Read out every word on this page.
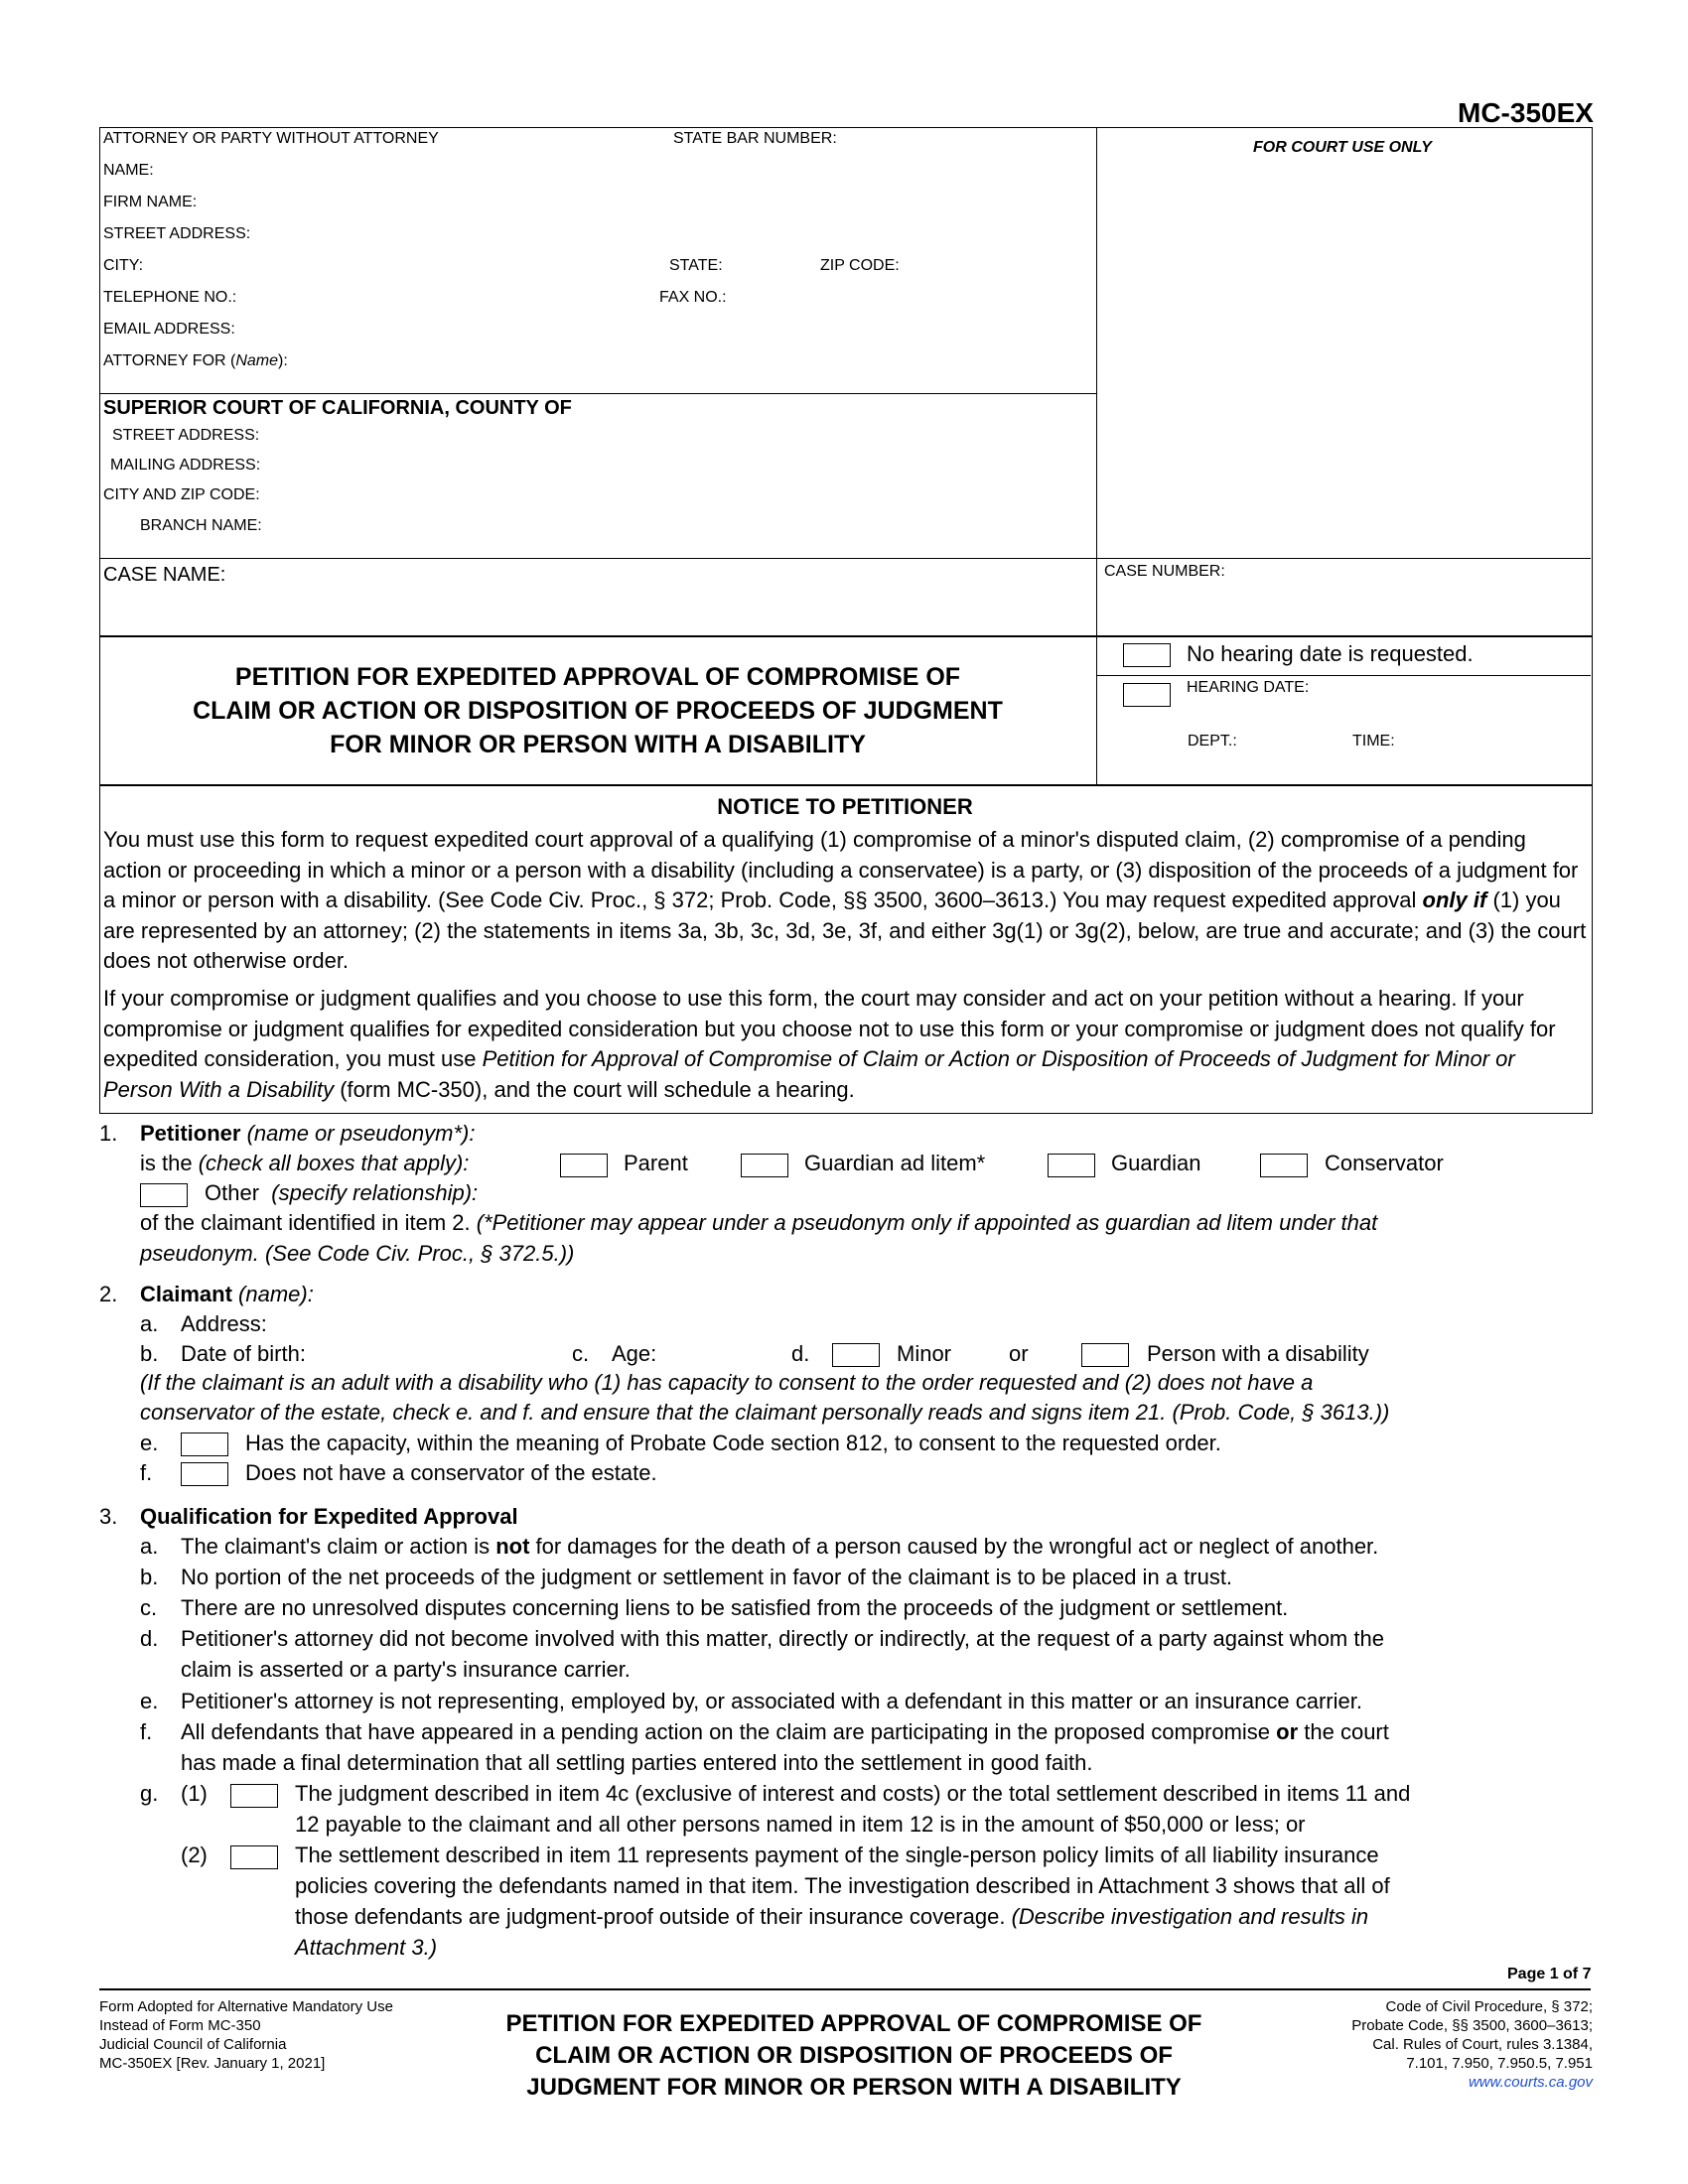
MC-350EX
ATTORNEY OR PARTY WITHOUT ATTORNEY	STATE BAR NUMBER:
FOR COURT USE ONLY
NAME:
FIRM NAME:
STREET ADDRESS:
CITY:	STATE:	ZIP CODE:
TELEPHONE NO.:	FAX NO.:
EMAIL ADDRESS:
ATTORNEY FOR (Name):
SUPERIOR COURT OF CALIFORNIA, COUNTY OF
STREET ADDRESS:
MAILING ADDRESS:
CITY AND ZIP CODE:
BRANCH NAME:
CASE NAME:	CASE NUMBER:
PETITION FOR EXPEDITED APPROVAL OF COMPROMISE OF
CLAIM OR ACTION OR DISPOSITION OF PROCEEDS OF JUDGMENT
FOR MINOR OR PERSON WITH A DISABILITY
No hearing date is requested.
HEARING DATE:
DEPT.:	TIME:
NOTICE TO PETITIONER
You must use this form to request expedited court approval of a qualifying (1) compromise of a minor's disputed claim, (2) compromise of a pending action or proceeding in which a minor or a person with a disability (including a conservatee) is a party, or (3) disposition of the proceeds of a judgment for a minor or person with a disability. (See Code Civ. Proc., § 372; Prob. Code, §§ 3500, 3600–3613.) You may request expedited approval only if (1) you are represented by an attorney; (2) the statements in items 3a, 3b, 3c, 3d, 3e, 3f, and either 3g(1) or 3g(2), below, are true and accurate; and (3) the court does not otherwise order.
If your compromise or judgment qualifies and you choose to use this form, the court may consider and act on your petition without a hearing. If your compromise or judgment qualifies for expedited consideration but you choose not to use this form or your compromise or judgment does not qualify for expedited consideration, you must use Petition for Approval of Compromise of Claim or Action or Disposition of Proceeds of Judgment for Minor or Person With a Disability (form MC-350), and the court will schedule a hearing.
1. Petitioner (name or pseudonym*):
is the (check all boxes that apply):	Parent	Guardian ad litem*	Guardian	Conservator
Other (specify relationship):
of the claimant identified in item 2. (*Petitioner may appear under a pseudonym only if appointed as guardian ad litem under that
pseudonym. (See Code Civ. Proc., § 372.5.))
2. Claimant (name):
a. Address:
b. Date of birth:	c. Age:	d.	Minor	or	Person with a disability
(If the claimant is an adult with a disability who (1) has capacity to consent to the order requested and (2) does not have a
conservator of the estate, check e. and f. and ensure that the claimant personally reads and signs item 21. (Prob. Code, § 3613.))
e.	Has the capacity, within the meaning of Probate Code section 812, to consent to the requested order.
f.	Does not have a conservator of the estate.
3. Qualification for Expedited Approval
a. The claimant's claim or action is not for damages for the death of a person caused by the wrongful act or neglect of another.
b. No portion of the net proceeds of the judgment or settlement in favor of the claimant is to be placed in a trust.
c. There are no unresolved disputes concerning liens to be satisfied from the proceeds of the judgment or settlement.
d. Petitioner's attorney did not become involved with this matter, directly or indirectly, at the request of a party against whom the
claim is asserted or a party's insurance carrier.
e. Petitioner's attorney is not representing, employed by, or associated with a defendant in this matter or an insurance carrier.
f. All defendants that have appeared in a pending action on the claim are participating in the proposed compromise or the court
has made a final determination that all settling parties entered into the settlement in good faith.
g. (1)	The judgment described in item 4c (exclusive of interest and costs) or the total settlement described in items 11 and
12 payable to the claimant and all other persons named in item 12 is in the amount of $50,000 or less; or
(2)	The settlement described in item 11 represents payment of the single-person policy limits of all liability insurance
policies covering the defendants named in that item. The investigation described in Attachment 3 shows that all of
those defendants are judgment-proof outside of their insurance coverage. (Describe investigation and results in
Attachment 3.)
Page 1 of 7
Form Adopted for Alternative Mandatory Use
Instead of Form MC-350
Judicial Council of California
MC-350EX [Rev. January 1, 2021]
PETITION FOR EXPEDITED APPROVAL OF COMPROMISE OF
CLAIM OR ACTION OR DISPOSITION OF PROCEEDS OF
JUDGMENT FOR MINOR OR PERSON WITH A DISABILITY
Code of Civil Procedure, § 372;
Probate Code, §§ 3500, 3600–3613;
Cal. Rules of Court, rules 3.1384,
7.101, 7.950, 7.950.5, 7.951
www.courts.ca.gov
